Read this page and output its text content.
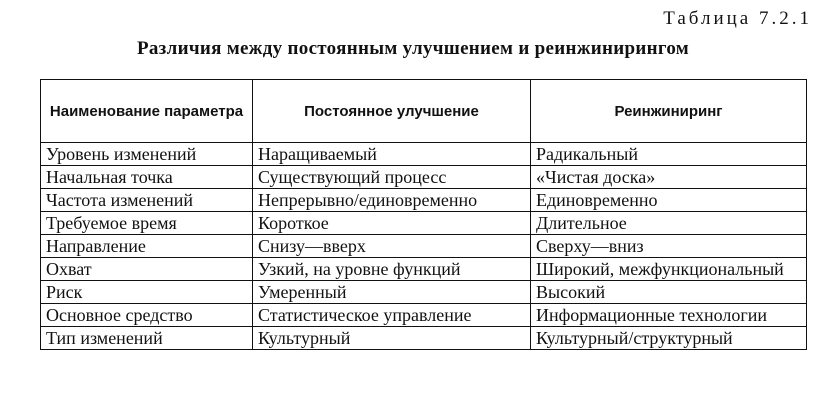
Таблица 7.2.1
Различия между постоянным улучшением и реинжинирингом
Наименование параметра	Постоянное улучшение	Реинжиниринг
Уровень изменений	Наращиваемый	Радикальный
Начальная точка	Существующий процесс	«Чистая доска»
Частота изменений	Непрерывно/единовременно	Единовременно
Требуемое время	Короткое	Длительное
Направление	Снизу—вверх	Сверху—вниз
Охват	Узкий, на уровне функций	Широкий, межфункциональный
Риск	Умеренный	Высокий
Основное средство	Статистическое управление	Информационные технологии
Тип изменений	Культурный	Культурный/структурный
